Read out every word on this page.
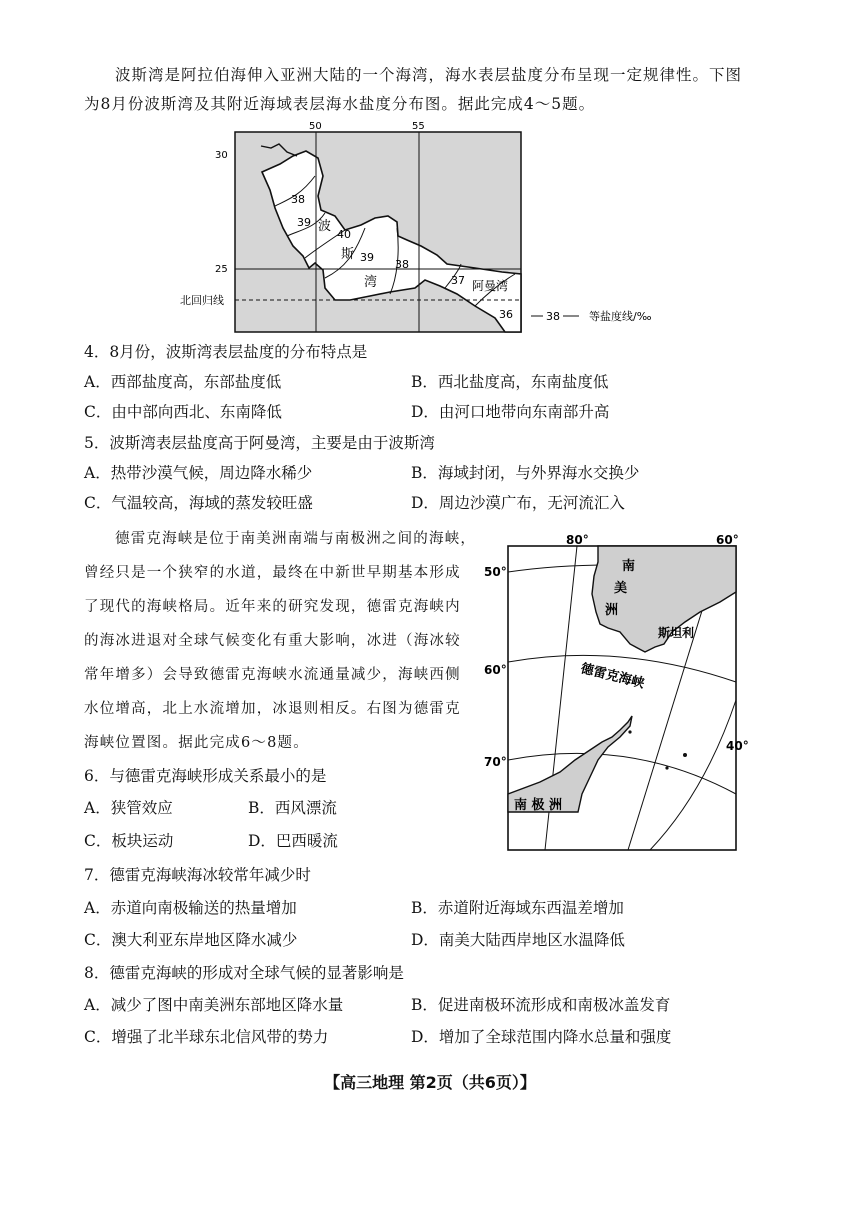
波斯湾是阿拉伯海伸入亚洲大陆的一个海湾，海水表层盐度分布呈现一定规律性。下图
为8月份波斯湾及其附近海域表层海水盐度分布图。据此完成4～5题。
38
39
40
39
38
37
36
波
斯
湾	阿曼湾
50	55
30
25
北回归线
38	等盐度线/‰
4．8月份，波斯湾表层盐度的分布特点是
A．西部盐度高，东部盐度低	B．西北盐度高，东南盐度低
C．由中部向西北、东南降低	D．由河口地带向东南部升高
5．波斯湾表层盐度高于阿曼湾，主要是由于波斯湾
A．热带沙漠气候，周边降水稀少	B．海域封闭，与外界海水交换少
C．气温较高，海域的蒸发较旺盛	D．周边沙漠广布，无河流汇入
德雷克海峡是位于南美洲南端与南极洲之间的海峡，
曾经只是一个狭窄的水道，最终在中新世早期基本形成
了现代的海峡格局。近年来的研究发现，德雷克海峡内
的海冰进退对全球气候变化有重大影响，冰进（海冰较
常年增多）会导致德雷克海峡水流通量减少，海峡西侧
水位增高，北上水流增加，冰退则相反。右图为德雷克
海峡位置图。据此完成6～8题。
80°	60°
50°
60°
70°
40°
南
美
洲
斯坦利
德雷克海峡
南 极 洲
6．与德雷克海峡形成关系最小的是
A．狭管效应	B．西风漂流
C．板块运动	D．巴西暖流
7．德雷克海峡海冰较常年减少时
A．赤道向南极输送的热量增加	B．赤道附近海域东西温差增加
C．澳大利亚东岸地区降水减少	D．南美大陆西岸地区水温降低
8．德雷克海峡的形成对全球气候的显著影响是
A．减少了图中南美洲东部地区降水量	B．促进南极环流形成和南极冰盖发育
C．增强了北半球东北信风带的势力	D．增加了全球范围内降水总量和强度
【高三地理 第2页（共6页）】
